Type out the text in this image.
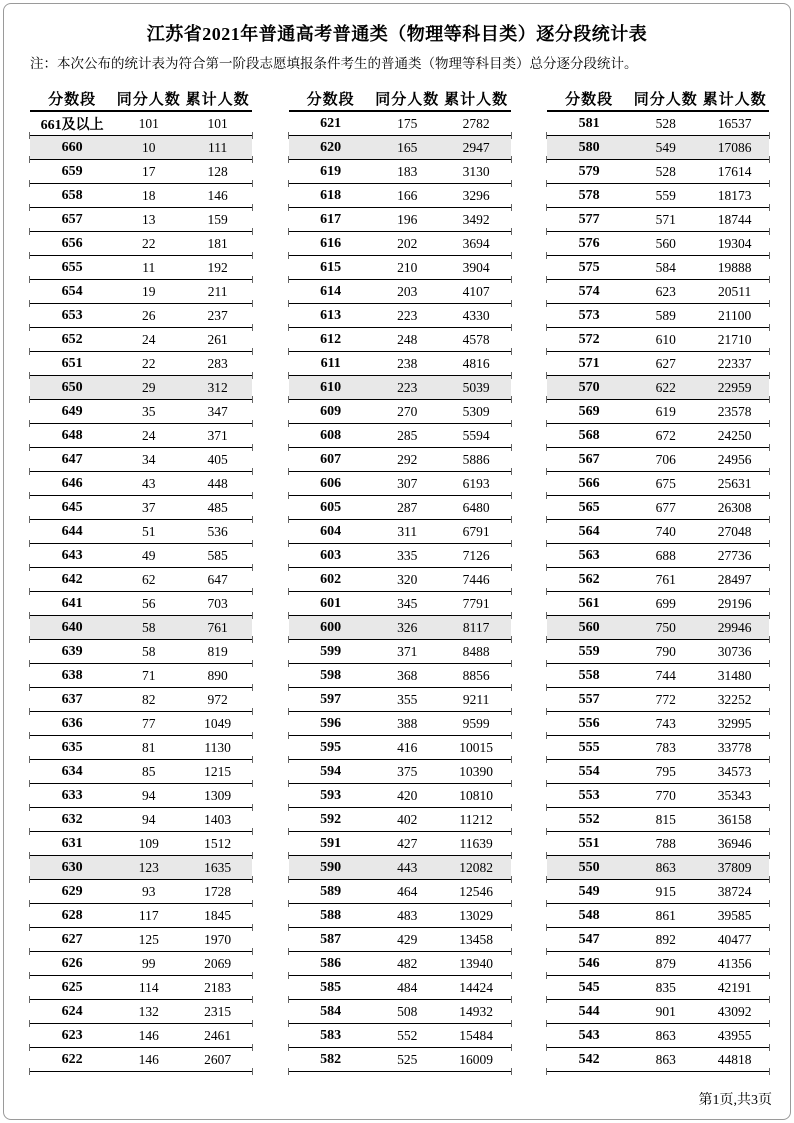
江苏省2021年普通高考普通类（物理等科目类）逐分段统计表
注：本次公布的统计表为符合第一阶段志愿填报条件考生的普通类（物理等科目类）总分逐分段统计。
分数段	同分人数	累计人数
661及以上	101	101
660	10	111
659	17	128
658	18	146
657	13	159
656	22	181
655	11	192
654	19	211
653	26	237
652	24	261
651	22	283
650	29	312
649	35	347
648	24	371
647	34	405
646	43	448
645	37	485
644	51	536
643	49	585
642	62	647
641	56	703
640	58	761
639	58	819
638	71	890
637	82	972
636	77	1049
635	81	1130
634	85	1215
633	94	1309
632	94	1403
631	109	1512
630	123	1635
629	93	1728
628	117	1845
627	125	1970
626	99	2069
625	114	2183
624	132	2315
623	146	2461
622	146	2607
分数段	同分人数	累计人数
621	175	2782
620	165	2947
619	183	3130
618	166	3296
617	196	3492
616	202	3694
615	210	3904
614	203	4107
613	223	4330
612	248	4578
611	238	4816
610	223	5039
609	270	5309
608	285	5594
607	292	5886
606	307	6193
605	287	6480
604	311	6791
603	335	7126
602	320	7446
601	345	7791
600	326	8117
599	371	8488
598	368	8856
597	355	9211
596	388	9599
595	416	10015
594	375	10390
593	420	10810
592	402	11212
591	427	11639
590	443	12082
589	464	12546
588	483	13029
587	429	13458
586	482	13940
585	484	14424
584	508	14932
583	552	15484
582	525	16009
分数段	同分人数	累计人数
581	528	16537
580	549	17086
579	528	17614
578	559	18173
577	571	18744
576	560	19304
575	584	19888
574	623	20511
573	589	21100
572	610	21710
571	627	22337
570	622	22959
569	619	23578
568	672	24250
567	706	24956
566	675	25631
565	677	26308
564	740	27048
563	688	27736
562	761	28497
561	699	29196
560	750	29946
559	790	30736
558	744	31480
557	772	32252
556	743	32995
555	783	33778
554	795	34573
553	770	35343
552	815	36158
551	788	36946
550	863	37809
549	915	38724
548	861	39585
547	892	40477
546	879	41356
545	835	42191
544	901	43092
543	863	43955
542	863	44818
第1页,共3页
